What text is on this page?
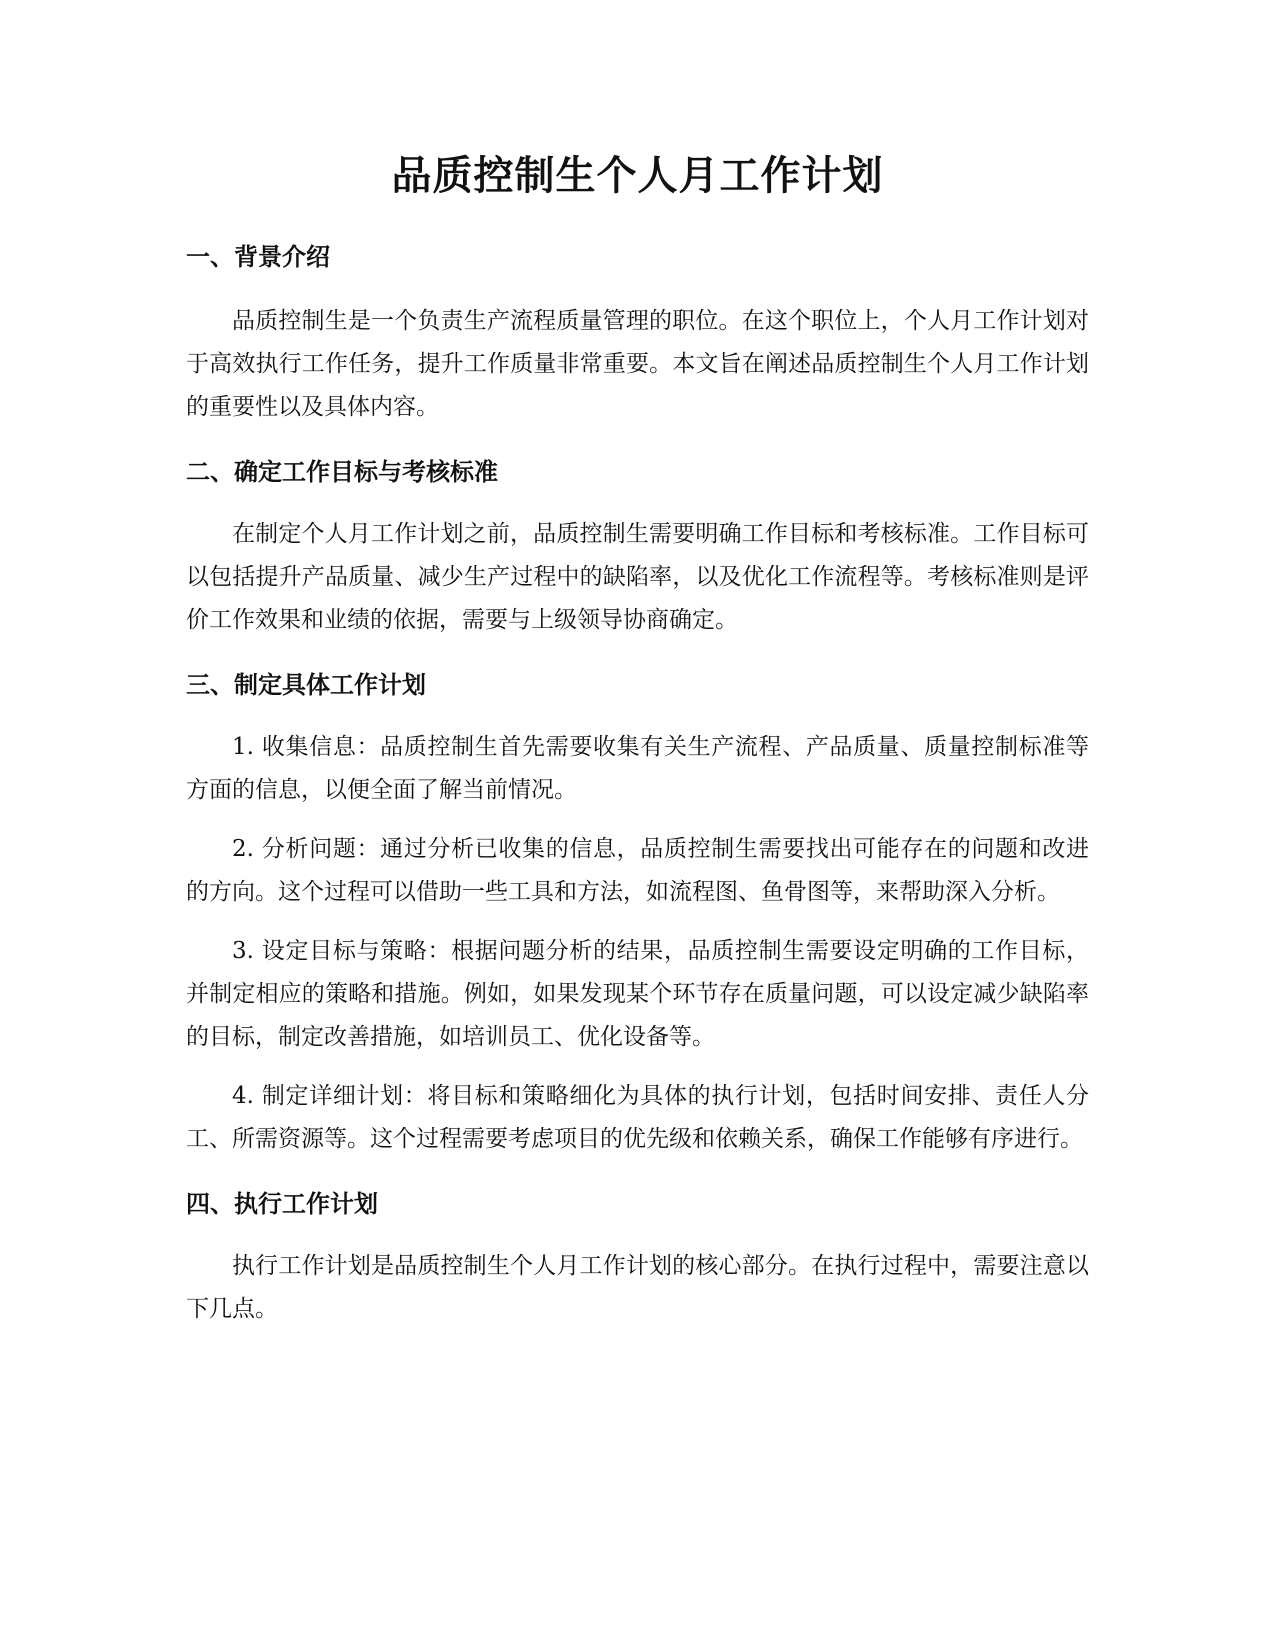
品质控制生个人月工作计划
一、背景介绍

品质控制生是一个负责生产流程质量管理的职位。在这个职位上，个人月工作计划对于高效执行工作任务，提升工作质量非常重要。本文旨在阐述品质控制生个人月工作计划的重要性以及具体内容。

二、确定工作目标与考核标准

在制定个人月工作计划之前，品质控制生需要明确工作目标和考核标准。工作目标可以包括提升产品质量、减少生产过程中的缺陷率，以及优化工作流程等。考核标准则是评价工作效果和业绩的依据，需要与上级领导协商确定。

三、制定具体工作计划

1. 收集信息：品质控制生首先需要收集有关生产流程、产品质量、质量控制标准等方面的信息，以便全面了解当前情况。

2. 分析问题：通过分析已收集的信息，品质控制生需要找出可能存在的问题和改进的方向。这个过程可以借助一些工具和方法，如流程图、鱼骨图等，来帮助深入分析。

3. 设定目标与策略：根据问题分析的结果，品质控制生需要设定明确的工作目标，并制定相应的策略和措施。例如，如果发现某个环节存在质量问题，可以设定减少缺陷率的目标，制定改善措施，如培训员工、优化设备等。

4. 制定详细计划：将目标和策略细化为具体的执行计划，包括时间安排、责任人分工、所需资源等。这个过程需要考虑项目的优先级和依赖关系，确保工作能够有序进行。

四、执行工作计划

执行工作计划是品质控制生个人月工作计划的核心部分。在执行过程中，需要注意以下几点。
